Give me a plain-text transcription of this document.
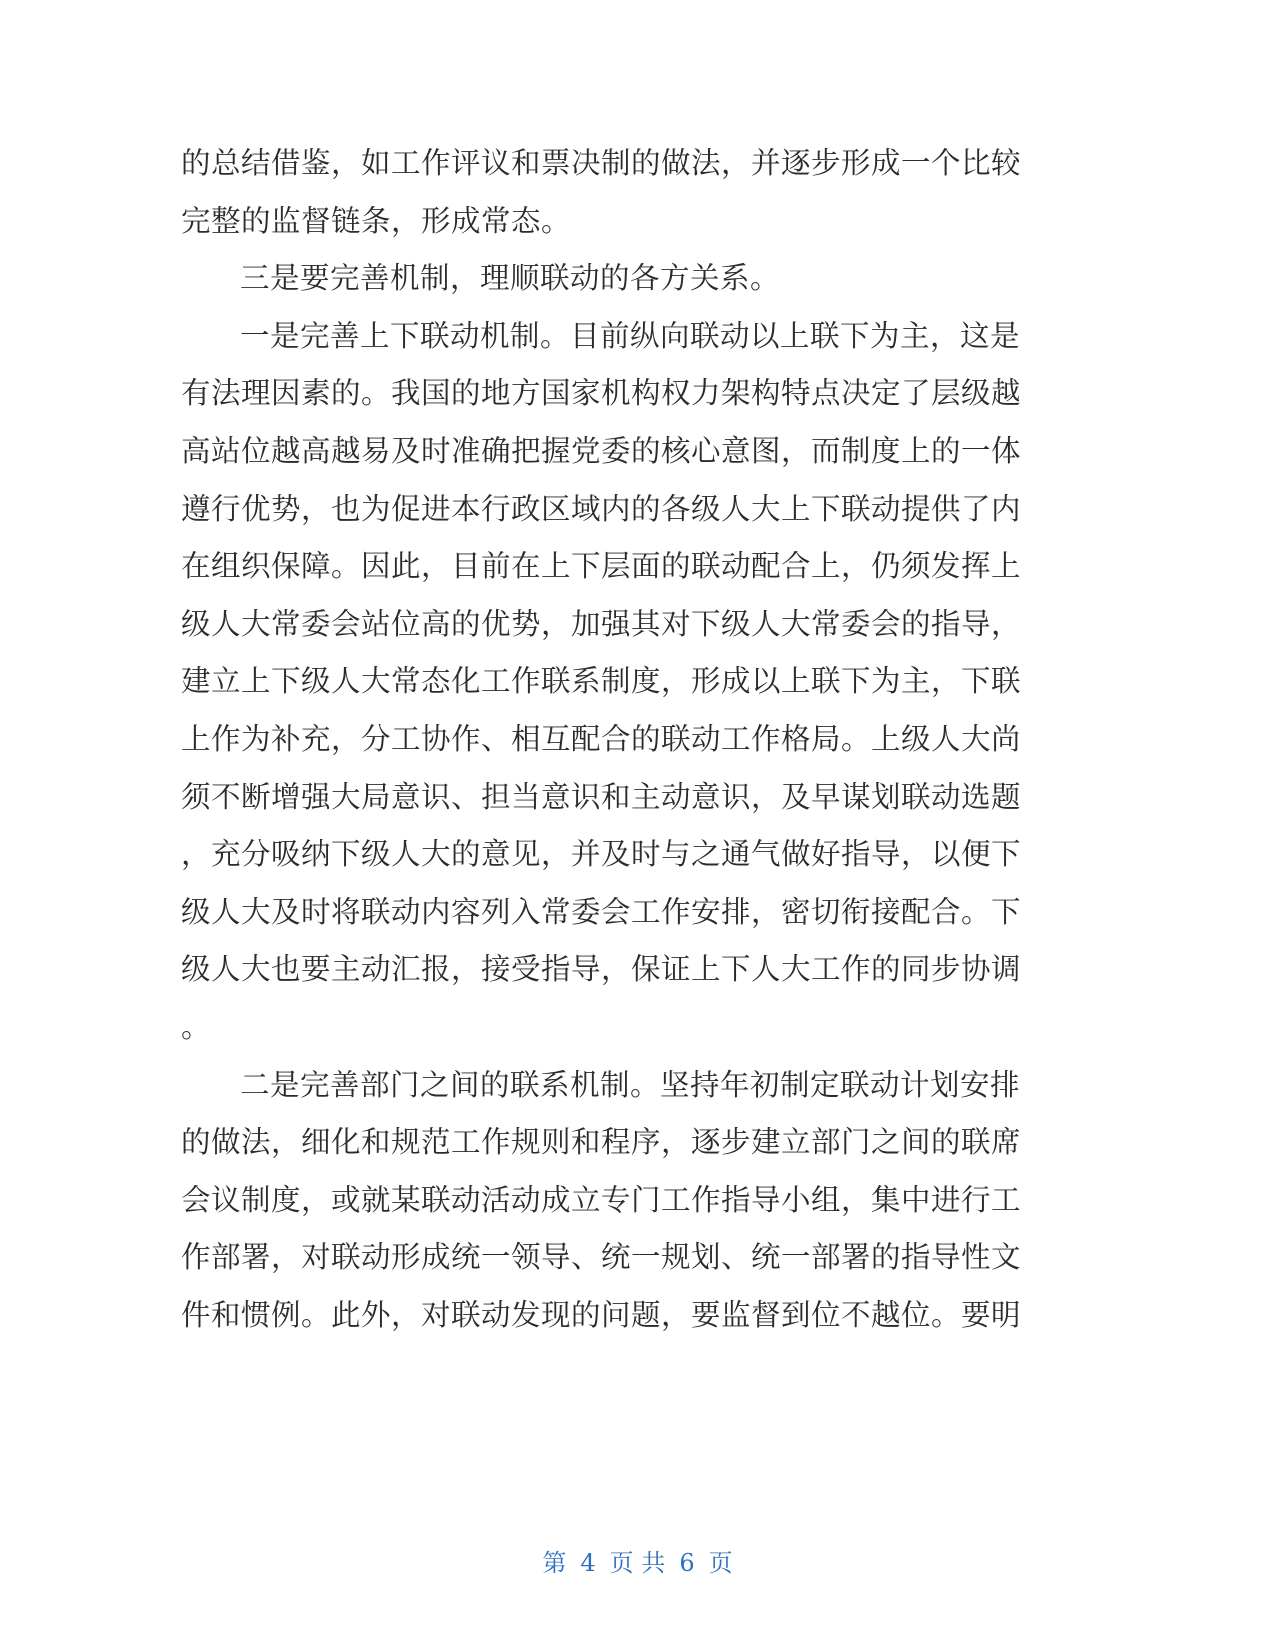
的总结借鉴，如工作评议和票决制的做法，并逐步形成一个比较
完整的监督链条，形成常态。
三是要完善机制，理顺联动的各方关系。
一是完善上下联动机制。目前纵向联动以上联下为主，这是
有法理因素的。我国的地方国家机构权力架构特点决定了层级越
高站位越高越易及时准确把握党委的核心意图，而制度上的一体
遵行优势，也为促进本行政区域内的各级人大上下联动提供了内
在组织保障。因此，目前在上下层面的联动配合上，仍须发挥上
级人大常委会站位高的优势，加强其对下级人大常委会的指导，
建立上下级人大常态化工作联系制度，形成以上联下为主，下联
上作为补充，分工协作、相互配合的联动工作格局。上级人大尚
须不断增强大局意识、担当意识和主动意识，及早谋划联动选题
，充分吸纳下级人大的意见，并及时与之通气做好指导，以便下
级人大及时将联动内容列入常委会工作安排，密切衔接配合。下
级人大也要主动汇报，接受指导，保证上下人大工作的同步协调
。
二是完善部门之间的联系机制。坚持年初制定联动计划安排
的做法，细化和规范工作规则和程序，逐步建立部门之间的联席
会议制度，或就某联动活动成立专门工作指导小组，集中进行工
作部署，对联动形成统一领导、统一规划、统一部署的指导性文
件和惯例。此外，对联动发现的问题，要监督到位不越位。要明
第 4 页 共 6 页
